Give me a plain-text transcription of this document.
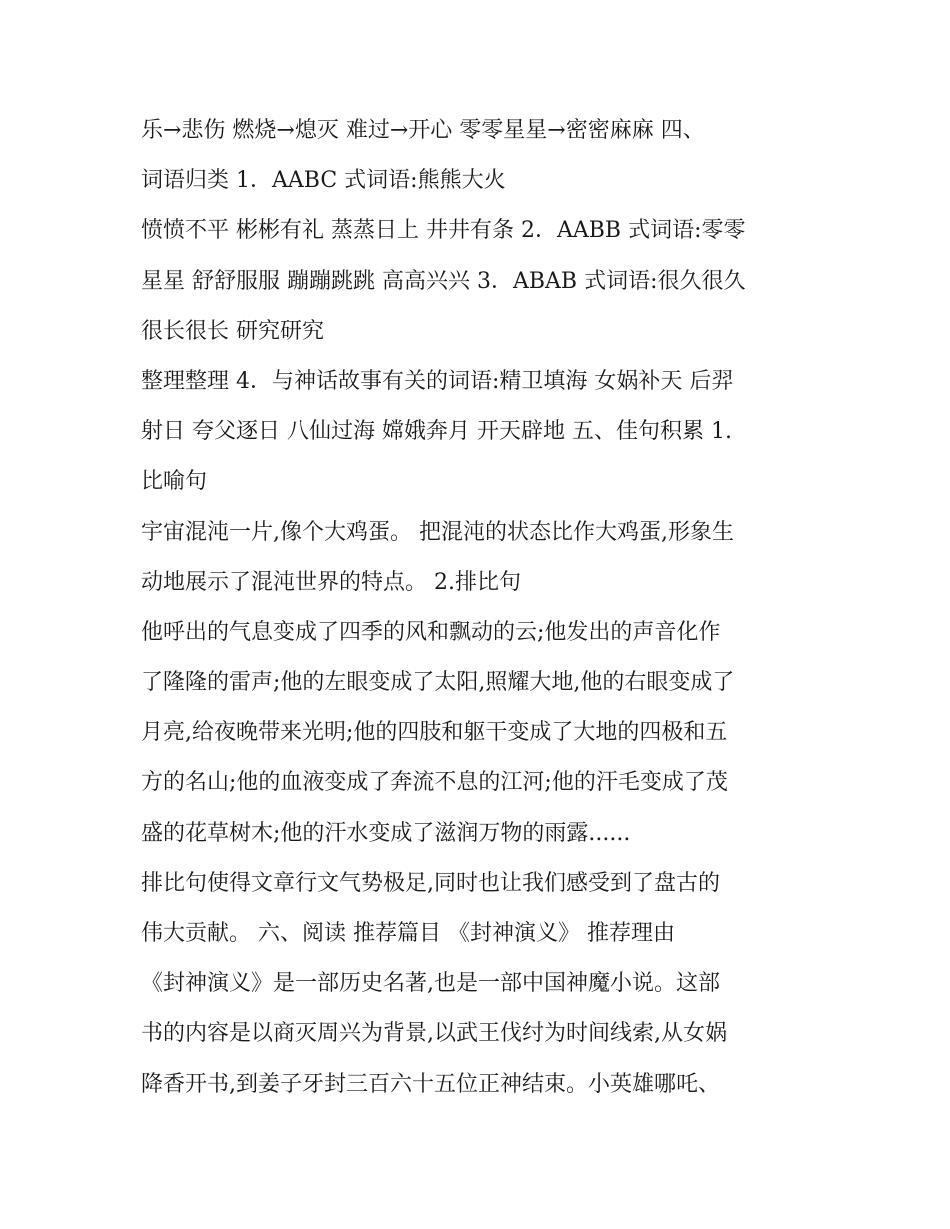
乐→悲伤 燃烧→熄灭 难过→开心 零零星星→密密麻麻 四、
词语归类 1．AABC 式词语:熊熊大火
愤愤不平 彬彬有礼 蒸蒸日上 井井有条 2．AABB 式词语:零零
星星 舒舒服服 蹦蹦跳跳 高高兴兴 3．ABAB 式词语:很久很久
很长很长 研究研究
整理整理 4．与神话故事有关的词语:精卫填海 女娲补天 后羿
射日 夸父逐日 八仙过海 嫦娥奔月 开天辟地 五、佳句积累 1.
比喻句
宇宙混沌一片,像个大鸡蛋。 把混沌的状态比作大鸡蛋,形象生
动地展示了混沌世界的特点。 2.排比句
他呼出的气息变成了四季的风和飘动的云;他发出的声音化作
了隆隆的雷声;他的左眼变成了太阳,照耀大地,他的右眼变成了
月亮,给夜晚带来光明;他的四肢和躯干变成了大地的四极和五
方的名山;他的血液变成了奔流不息的江河;他的汗毛变成了茂
盛的花草树木;他的汗水变成了滋润万物的雨露......
排比句使得文章行文气势极足,同时也让我们感受到了盘古的
伟大贡献。 六、阅读 推荐篇目 《封神演义》 推荐理由
《封神演义》是一部历史名著,也是一部中国神魔小说。这部
书的内容是以商灭周兴为背景,以武王伐纣为时间线索,从女娲
降香开书,到姜子牙封三百六十五位正神结束。小英雄哪吒、
